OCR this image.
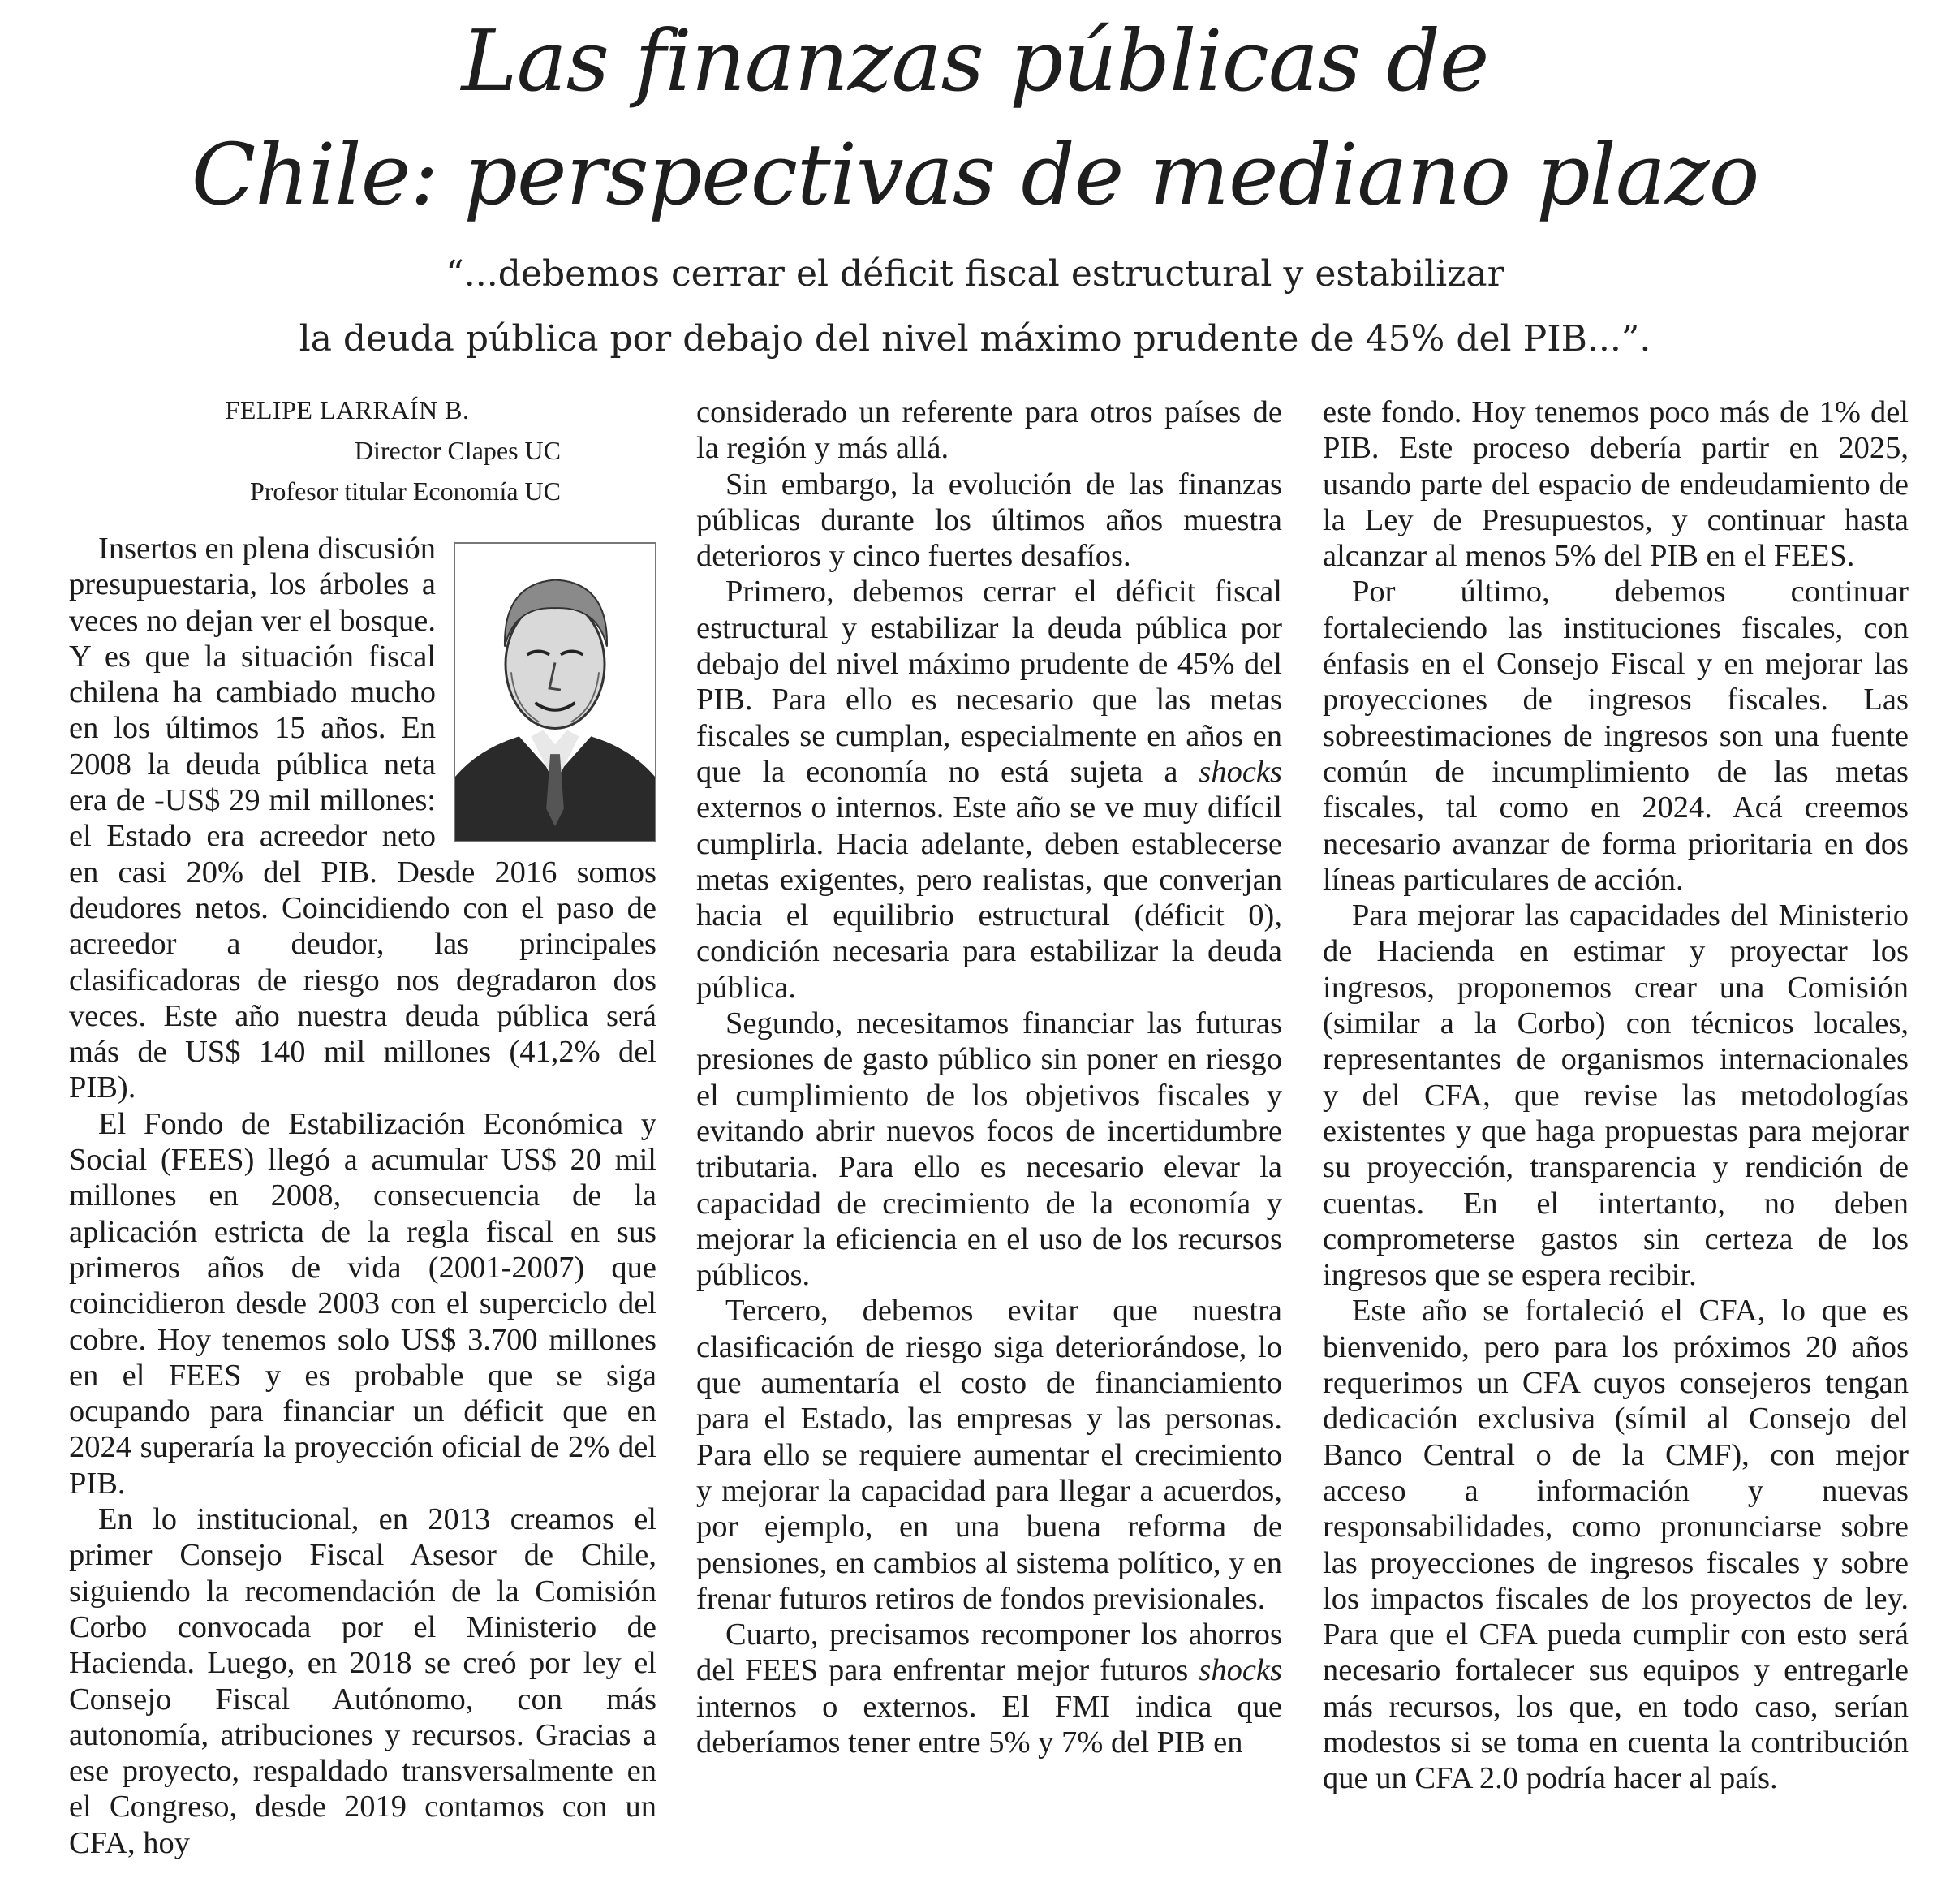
Las finanzas públicas de
Chile: perspectivas de mediano plazo
“...debemos cerrar el déficit fiscal estructural y estabilizar
la deuda pública por debajo del nivel máximo prudente de 45% del PIB...”.
FELIPE LARRAÍN B.
Director Clapes UC
Profesor titular Economía UC

Insertos en plena discusión presupuestaria, los árboles a veces no dejan ver el bosque. Y es que la situación fiscal chilena ha cambiado mucho en los últimos 15 años. En 2008 la deuda pública neta era de -US$ 29 mil millones: el Estado era acreedor neto en casi 20% del PIB. Desde 2016 somos deudores netos. Coincidiendo con el paso de acreedor a deudor, las principales clasificadoras de riesgo nos degradaron dos veces. Este año nuestra deuda pública será más de US$ 140 mil millones (41,2% del PIB).

El Fondo de Estabilización Económica y Social (FEES) llegó a acumular US$ 20 mil millones en 2008, consecuencia de la aplicación estricta de la regla fiscal en sus primeros años de vida (2001-2007) que coincidieron desde 2003 con el superciclo del cobre. Hoy tenemos solo US$ 3.700 millones en el FEES y es probable que se siga ocupando para financiar un déficit que en 2024 superaría la proyección oficial de 2% del PIB.

En lo institucional, en 2013 creamos el primer Consejo Fiscal Asesor de Chile, siguiendo la recomendación de la Comisión Corbo convocada por el Ministerio de Hacienda. Luego, en 2018 se creó por ley el Consejo Fiscal Autónomo, con más autonomía, atribuciones y recursos. Gracias a ese proyecto, respaldado transversalmente en el Congreso, desde 2019 contamos con un CFA, hoy

considerado un referente para otros países de la región y más allá.

Sin embargo, la evolución de las finanzas públicas durante los últimos años muestra deterioros y cinco fuertes desafíos.

Primero, debemos cerrar el déficit fiscal estructural y estabilizar la deuda pública por debajo del nivel máximo prudente de 45% del PIB. Para ello es necesario que las metas fiscales se cumplan, especialmente en años en que la economía no está sujeta a shocks externos o internos. Este año se ve muy difícil cumplirla. Hacia adelante, deben establecerse metas exigentes, pero realistas, que converjan hacia el equilibrio estructural (déficit 0), condición necesaria para estabilizar la deuda pública.

Segundo, necesitamos financiar las futuras presiones de gasto público sin poner en riesgo el cumplimiento de los objetivos fiscales y evitando abrir nuevos focos de incertidumbre tributaria. Para ello es necesario elevar la capacidad de crecimiento de la economía y mejorar la eficiencia en el uso de los recursos públicos.

Tercero, debemos evitar que nuestra clasificación de riesgo siga deteriorándose, lo que aumentaría el costo de financiamiento para el Estado, las empresas y las personas. Para ello se requiere aumentar el crecimiento y mejorar la capacidad para llegar a acuerdos, por ejemplo, en una buena reforma de pensiones, en cambios al sistema político, y en frenar futuros retiros de fondos previsionales.

Cuarto, precisamos recomponer los ahorros del FEES para enfrentar mejor futuros shocks internos o externos. El FMI indica que deberíamos tener entre 5% y 7% del PIB en

este fondo. Hoy tenemos poco más de 1% del PIB. Este proceso debería partir en 2025, usando parte del espacio de endeudamiento de la Ley de Presupuestos, y continuar hasta alcanzar al menos 5% del PIB en el FEES.

Por último, debemos continuar fortaleciendo las instituciones fiscales, con énfasis en el Consejo Fiscal y en mejorar las proyecciones de ingresos fiscales. Las sobreestimaciones de ingresos son una fuente común de incumplimiento de las metas fiscales, tal como en 2024. Acá creemos necesario avanzar de forma prioritaria en dos líneas particulares de acción.

Para mejorar las capacidades del Ministerio de Hacienda en estimar y proyectar los ingresos, proponemos crear una Comisión (similar a la Corbo) con técnicos locales, representantes de organismos internacionales y del CFA, que revise las metodologías existentes y que haga propuestas para mejorar su proyección, transparencia y rendición de cuentas. En el intertanto, no deben comprometerse gastos sin certeza de los ingresos que se espera recibir.

Este año se fortaleció el CFA, lo que es bienvenido, pero para los próximos 20 años requerimos un CFA cuyos consejeros tengan dedicación exclusiva (símil al Consejo del Banco Central o de la CMF), con mejor acceso a información y nuevas responsabilidades, como pronunciarse sobre las proyecciones de ingresos fiscales y sobre los impactos fiscales de los proyectos de ley. Para que el CFA pueda cumplir con esto será necesario fortalecer sus equipos y entregarle más recursos, los que, en todo caso, serían modestos si se toma en cuenta la contribución que un CFA 2.0 podría hacer al país.
